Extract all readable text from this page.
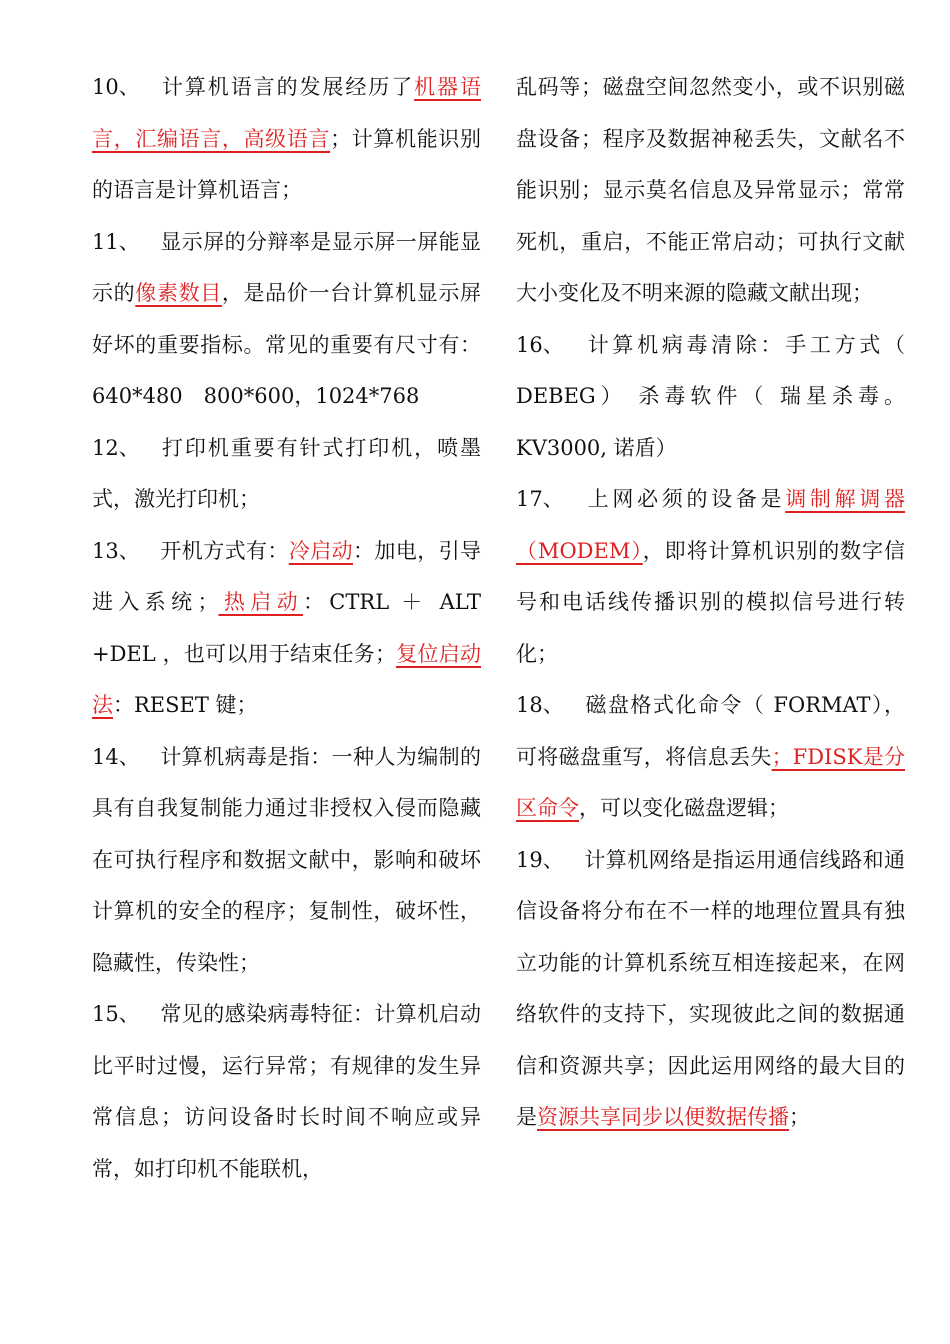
10、 计算机语言的发展经历了机器语言，汇编语言，高级语言；计算机能识别的语言是计算机语言；

11、 显示屏的分辩率是显示屏一屏能显示的像素数目，是品价一台计算机显示屏好坏的重要指标。常见的重要有尺寸有：640*480　800*600，1024*768

12、 打印机重要有针式打印机，喷墨式，激光打印机；

13、 开机方式有：冷启动：加电，引导进入系统；热启动：CTRL ＋ ALT +DEL ，也可以用于结束任务；复位启动法：RESET 键；

14、 计算机病毒是指：一种人为编制的具有自我复制能力通过非授权入侵而隐藏在可执行程序和数据文献中，影响和破坏计算机的安全的程序；复制性，破坏性，隐藏性，传染性；

15、 常见的感染病毒特征：计算机启动比平时过慢，运行异常；有规律的发生异常信息；访问设备时长时间不响应或异常，如打印机不能联机，

乱码等；磁盘空间忽然变小，或不识别磁盘设备；程序及数据神秘丢失，文献名不能识别；显示莫名信息及异常显示；常常死机，重启，不能正常启动；可执行文献大小变化及不明来源的隐藏文献出现；

16、 计算机病毒清除：手工方式（ DEBEG） 杀毒软件（ 瑞星杀毒。KV3000, 诺盾）

17、 上网必须的设备是调制解调器（MODEM），即将计算机识别的数字信号和电话线传播识别的模拟信号进行转化；

18、 磁盘格式化命令（ FORMAT），可将磁盘重写，将信息丢失；FDISK是分区命令，可以变化磁盘逻辑；

19、 计算机网络是指运用通信线路和通信设备将分布在不一样的地理位置具有独立功能的计算机系统互相连接起来，在网络软件的支持下，实现彼此之间的数据通信和资源共享；因此运用网络的最大目的是资源共享同步以便数据传播；
